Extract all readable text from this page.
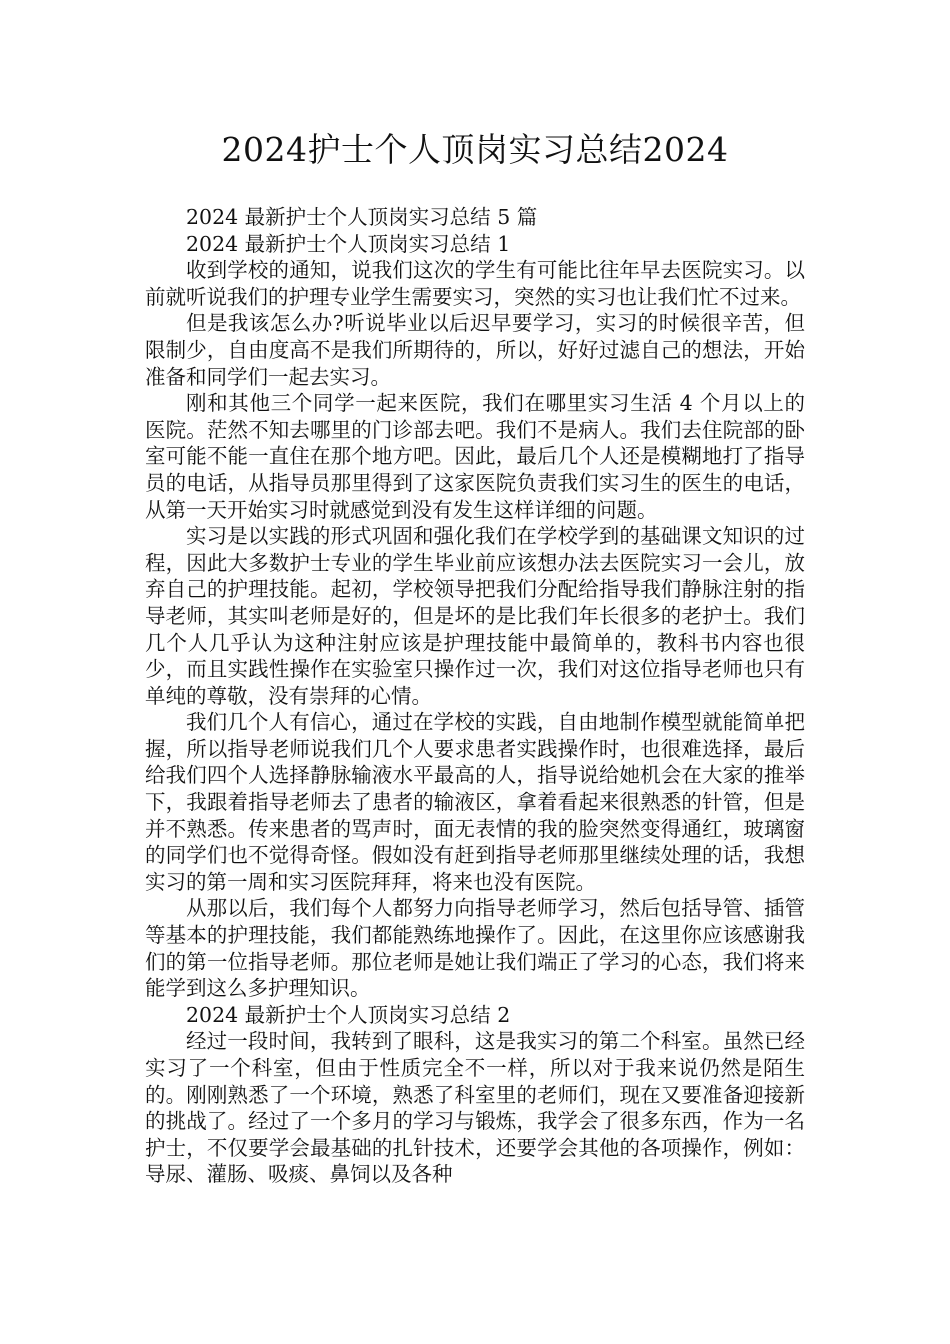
2024护士个人顶岗实习总结2024

2024 最新护士个人顶岗实习总结 5 篇

2024 最新护士个人顶岗实习总结 1

收到学校的通知，说我们这次的学生有可能比往年早去医院实习。以前就听说我们的护理专业学生需要实习，突然的实习也让我们忙不过来。

但是我该怎么办?听说毕业以后迟早要学习，实习的时候很辛苦，但限制少，自由度高不是我们所期待的，所以，好好过滤自己的想法，开始准备和同学们一起去实习。

刚和其他三个同学一起来医院，我们在哪里实习生活 4 个月以上的医院。茫然不知去哪里的门诊部去吧。我们不是病人。我们去住院部的卧室可能不能一直住在那个地方吧。因此，最后几个人还是模糊地打了指导员的电话，从指导员那里得到了这家医院负责我们实习生的医生的电话，从第一天开始实习时就感觉到没有发生这样详细的问题。

实习是以实践的形式巩固和强化我们在学校学到的基础课文知识的过程，因此大多数护士专业的学生毕业前应该想办法去医院实习一会儿，放弃自己的护理技能。起初，学校领导把我们分配给指导我们静脉注射的指导老师，其实叫老师是好的，但是坏的是比我们年长很多的老护士。我们几个人几乎认为这种注射应该是护理技能中最简单的，教科书内容也很少，而且实践性操作在实验室只操作过一次，我们对这位指导老师也只有单纯的尊敬，没有崇拜的心情。

我们几个人有信心，通过在学校的实践，自由地制作模型就能简单把握，所以指导老师说我们几个人要求患者实践操作时，也很难选择，最后给我们四个人选择静脉输液水平最高的人，指导说给她机会在大家的推举下，我跟着指导老师去了患者的输液区，拿着看起来很熟悉的针管，但是并不熟悉。传来患者的骂声时，面无表情的我的脸突然变得通红，玻璃窗的同学们也不觉得奇怪。假如没有赶到指导老师那里继续处理的话，我想实习的第一周和实习医院拜拜，将来也没有医院。

从那以后，我们每个人都努力向指导老师学习，然后包括导管、插管等基本的护理技能，我们都能熟练地操作了。因此，在这里你应该感谢我们的第一位指导老师。那位老师是她让我们端正了学习的心态，我们将来能学到这么多护理知识。

2024 最新护士个人顶岗实习总结 2

经过一段时间，我转到了眼科，这是我实习的第二个科室。虽然已经实习了一个科室，但由于性质完全不一样，所以对于我来说仍然是陌生的。刚刚熟悉了一个环境，熟悉了科室里的老师们，现在又要准备迎接新的挑战了。经过了一个多月的学习与锻炼，我学会了很多东西，作为一名护士，不仅要学会最基础的扎针技术，还要学会其他的各项操作，例如：导尿、灌肠、吸痰、鼻饲以及各种
